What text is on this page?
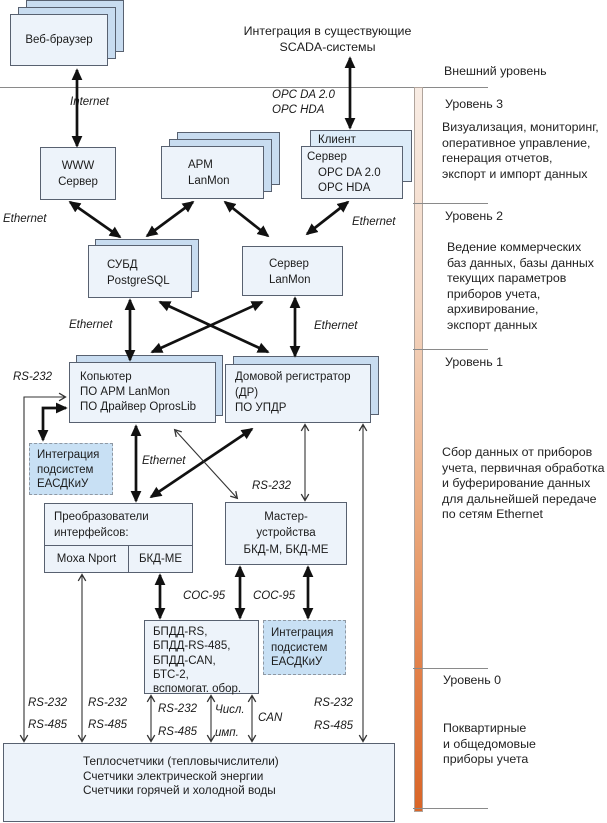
Интеграция в существующие
SCADA-системы
Внешний уровень
Уровень 3
Визуализация, мониторинг,
оперативное управление,
генерация отчетов,
экспорт и импорт данных
Уровень 2
Ведение коммерческих
баз данных, базы данных
текущих параметров
приборов учета,
архивирование,
экспорт данных
Уровень 1
Сбор данных от приборов
учета, первичная обработка
и буферирование данных
для дальнейшей передаче
по сетям Ethernet
Уровень 0
Поквартирные
и общедомовые
приборы учета
Веб-браузер
WWW
Сервер
АРМ
LanMon
Клиент
Сервер
OPC DA 2.0
OPC HDA
СУБД
PostgreSQL
Сервер
LanMon
Копьютер
ПО АРМ LanMon
ПО Драйвер OprosLib
Домовой регистратор
(ДР)
ПО УПДР
Интеграция
подсистем
ЕАСДКиУ
Преобразователи
интерфейсов:
Moxa Nport БКД-МЕ
Мастер-
устройства
БКД-М, БКД-МЕ
БПДД-RS,
БПДД-RS-485,
БПДД-CAN,
БТС-2,
вспомогат. обор.
Интеграция
подсистем
ЕАСДКиУ
Теплосчетчики (тепловычислители)
Счетчики электрической энергии
Счетчики горячей и холодной воды
Internet
OPC DA 2.0
OPC HDA
Ethernet	Ethernet
Ethernet	Ethernet
RS-232
Ethernet
RS-232
COC-95 COC-95
RS-232
RS-485
RS-232
RS-485
RS-232
RS-485
Числ.
имп.
CAN
RS-232
RS-485
